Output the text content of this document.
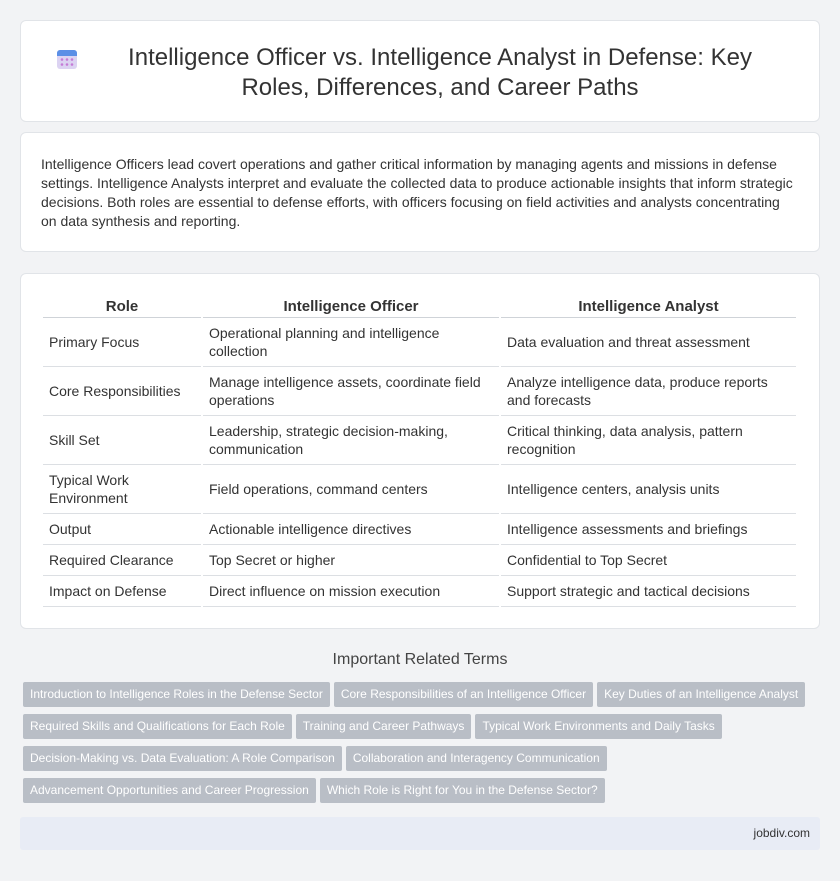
Intelligence Officer vs. Intelligence Analyst in Defense: Key Roles, Differences, and Career Paths

Intelligence Officers lead covert operations and gather critical information by managing agents and missions in defense settings. Intelligence Analysts interpret and evaluate the collected data to produce actionable insights that inform strategic decisions. Both roles are essential to defense efforts, with officers focusing on field activities and analysts concentrating on data synthesis and reporting.

Role	Intelligence Officer	Intelligence Analyst
Primary Focus	Operational planning and intelligence collection	Data evaluation and threat assessment
Core Responsibilities	Manage intelligence assets, coordinate field operations	Analyze intelligence data, produce reports and forecasts
Skill Set	Leadership, strategic decision-making, communication	Critical thinking, data analysis, pattern recognition
Typical Work Environment	Field operations, command centers	Intelligence centers, analysis units
Output	Actionable intelligence directives	Intelligence assessments and briefings
Required Clearance	Top Secret or higher	Confidential to Top Secret
Impact on Defense	Direct influence on mission execution	Support strategic and tactical decisions
Important Related Terms
Introduction to Intelligence Roles in the Defense Sector Core Responsibilities of an Intelligence Officer Key Duties of an Intelligence Analyst
Required Skills and Qualifications for Each Role Training and Career Pathways Typical Work Environments and Daily Tasks
Decision-Making vs. Data Evaluation: A Role Comparison Collaboration and Interagency Communication
Advancement Opportunities and Career Progression Which Role is Right for You in the Defense Sector?
jobdiv.com
